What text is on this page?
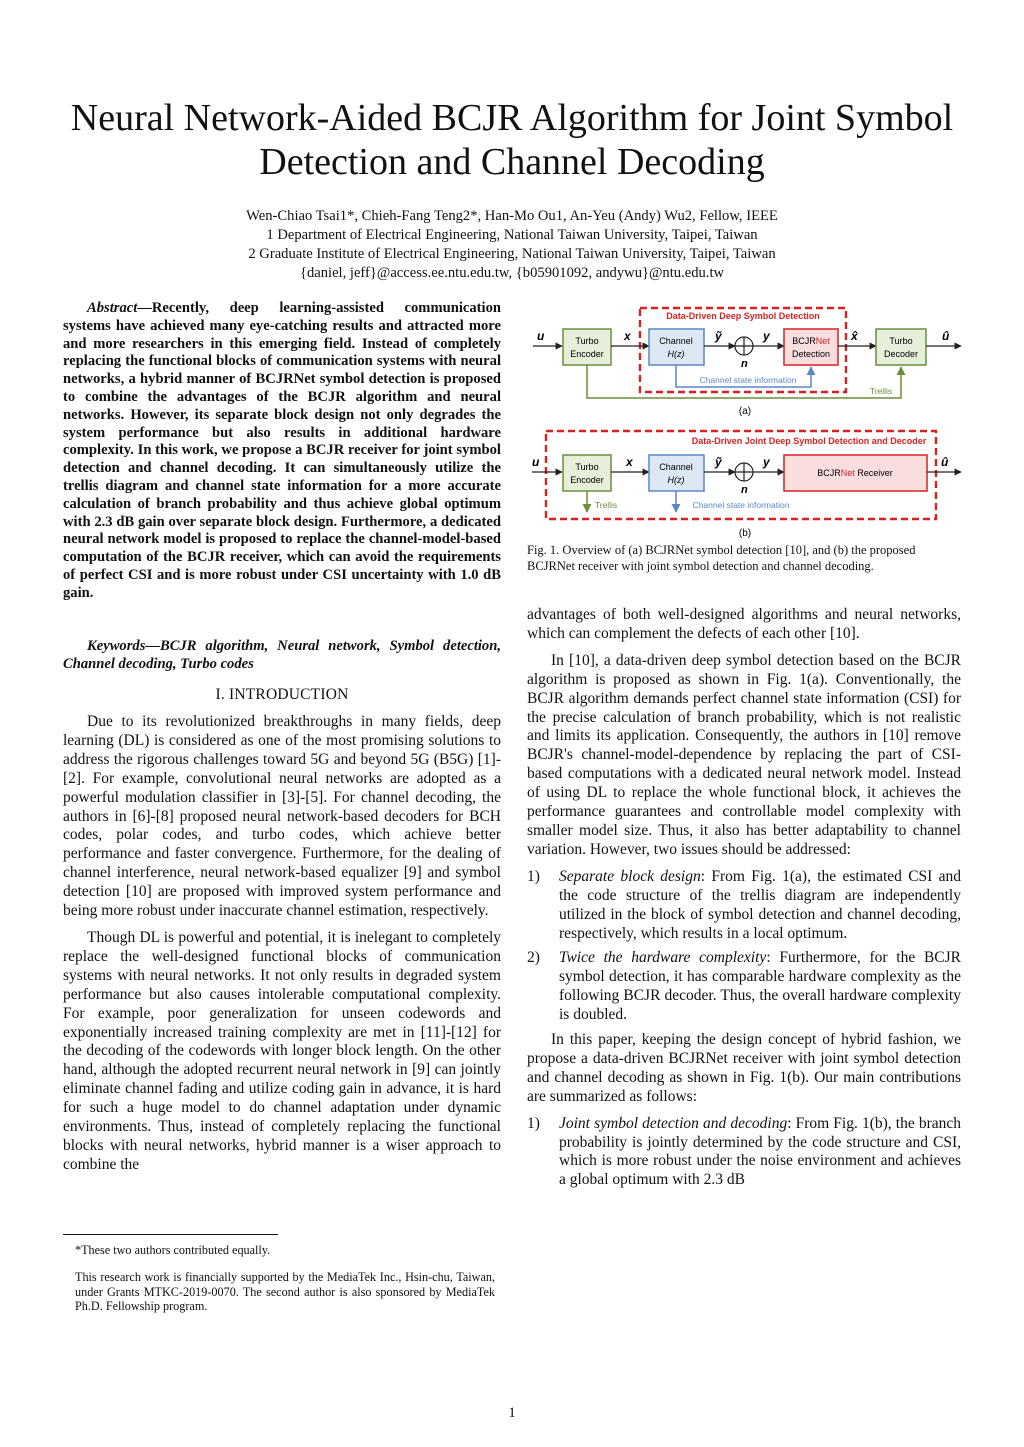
Neural Network-Aided BCJR Algorithm for Joint Symbol Detection and Channel Decoding
Wen-Chiao Tsai1*, Chieh-Fang Teng2*, Han-Mo Ou1, An-Yeu (Andy) Wu2, Fellow, IEEE
1 Department of Electrical Engineering, National Taiwan University, Taipei, Taiwan
2 Graduate Institute of Electrical Engineering, National Taiwan University, Taipei, Taiwan
{daniel, jeff}@access.ee.ntu.edu.tw, {b05901092, andywu}@ntu.edu.tw
Abstract—Recently, deep learning-assisted communication systems have achieved many eye-catching results and attracted more and more researchers in this emerging field. Instead of completely replacing the functional blocks of communication systems with neural networks, a hybrid manner of BCJRNet symbol detection is proposed to combine the advantages of the BCJR algorithm and neural networks. However, its separate block design not only degrades the system performance but also results in additional hardware complexity. In this work, we propose a BCJR receiver for joint symbol detection and channel decoding. It can simultaneously utilize the trellis diagram and channel state information for a more accurate calculation of branch probability and thus achieve global optimum with 2.3 dB gain over separate block design. Furthermore, a dedicated neural network model is proposed to replace the channel-model-based computation of the BCJR receiver, which can avoid the requirements of perfect CSI and is more robust under CSI uncertainty with 1.0 dB gain.
Keywords—BCJR algorithm, Neural network, Symbol detection, Channel decoding, Turbo codes
I. INTRODUCTION

Due to its revolutionized breakthroughs in many fields, deep learning (DL) is considered as one of the most promising solutions to address the rigorous challenges toward 5G and beyond 5G (B5G) [1]-[2]. For example, convolutional neural networks are adopted as a powerful modulation classifier in [3]-[5]. For channel decoding, the authors in [6]-[8] proposed neural network-based decoders for BCH codes, polar codes, and turbo codes, which achieve better performance and faster convergence. Furthermore, for the dealing of channel interference, neural network-based equalizer [9] and symbol detection [10] are proposed with improved system performance and being more robust under inaccurate channel estimation, respectively.

Though DL is powerful and potential, it is inelegant to completely replace the well-designed functional blocks of communication systems with neural networks. It not only results in degraded system performance but also causes intolerable computational complexity. For example, poor generalization for unseen codewords and exponentially increased training complexity are met in [11]-[12] for the decoding of the codewords with longer block length. On the other hand, although the adopted recurrent neural network in [9] can jointly eliminate channel fading and utilize coding gain in advance, it is hard for such a huge model to do channel adaptation under dynamic environments. Thus, instead of completely replacing the functional blocks with neural networks, hybrid manner is a wiser approach to combine the

*These two authors contributed equally.
This research work is financially supported by the MediaTek Inc., Hsin-chu, Taiwan, under Grants MTKC-2019-0070. The second author is also sponsored by MediaTek Ph.D. Fellowship program.
Data-Driven Deep Symbol Detection
u	Turbo
Encoder
x	Channel
H(z)
ỹ
n
y	BCJRNet
Detection
x̂	Turbo
Decoder
û
Channel state information
Trellis
(a)
Data-Driven Joint Deep Symbol Detection and Decoder
u	Turbo
Encoder
x	Channel
H(z)
ỹ
n
y
BCJRNet Receiver
û
Trellis	Channel state information
(b)
Fig. 1. Overview of (a) BCJRNet symbol detection [10], and (b) the proposed BCJRNet receiver with joint symbol detection and channel decoding.

advantages of both well-designed algorithms and neural networks, which can complement the defects of each other [10].

In [10], a data-driven deep symbol detection based on the BCJR algorithm is proposed as shown in Fig. 1(a). Conventionally, the BCJR algorithm demands perfect channel state information (CSI) for the precise calculation of branch probability, which is not realistic and limits its application. Consequently, the authors in [10] remove BCJR's channel-model-dependence by replacing the part of CSI-based computations with a dedicated neural network model. Instead of using DL to replace the whole functional block, it achieves the performance guarantees and controllable model complexity with smaller model size. Thus, it also has better adaptability to channel variation. However, two issues should be addressed:

1)	Separate block design: From Fig. 1(a), the estimated CSI and the code structure of the trellis diagram are independently utilized in the block of symbol detection and channel decoding, respectively, which results in a local optimum.
2)	Twice the hardware complexity: Furthermore, for the BCJR symbol detection, it has comparable hardware complexity as the following BCJR decoder. Thus, the overall hardware complexity is doubled.

In this paper, keeping the design concept of hybrid fashion, we propose a data-driven BCJRNet receiver with joint symbol detection and channel decoding as shown in Fig. 1(b). Our main contributions are summarized as follows:

1)	Joint symbol detection and decoding: From Fig. 1(b), the branch probability is jointly determined by the code structure and CSI, which is more robust under the noise environment and achieves a global optimum with 2.3 dB
1
